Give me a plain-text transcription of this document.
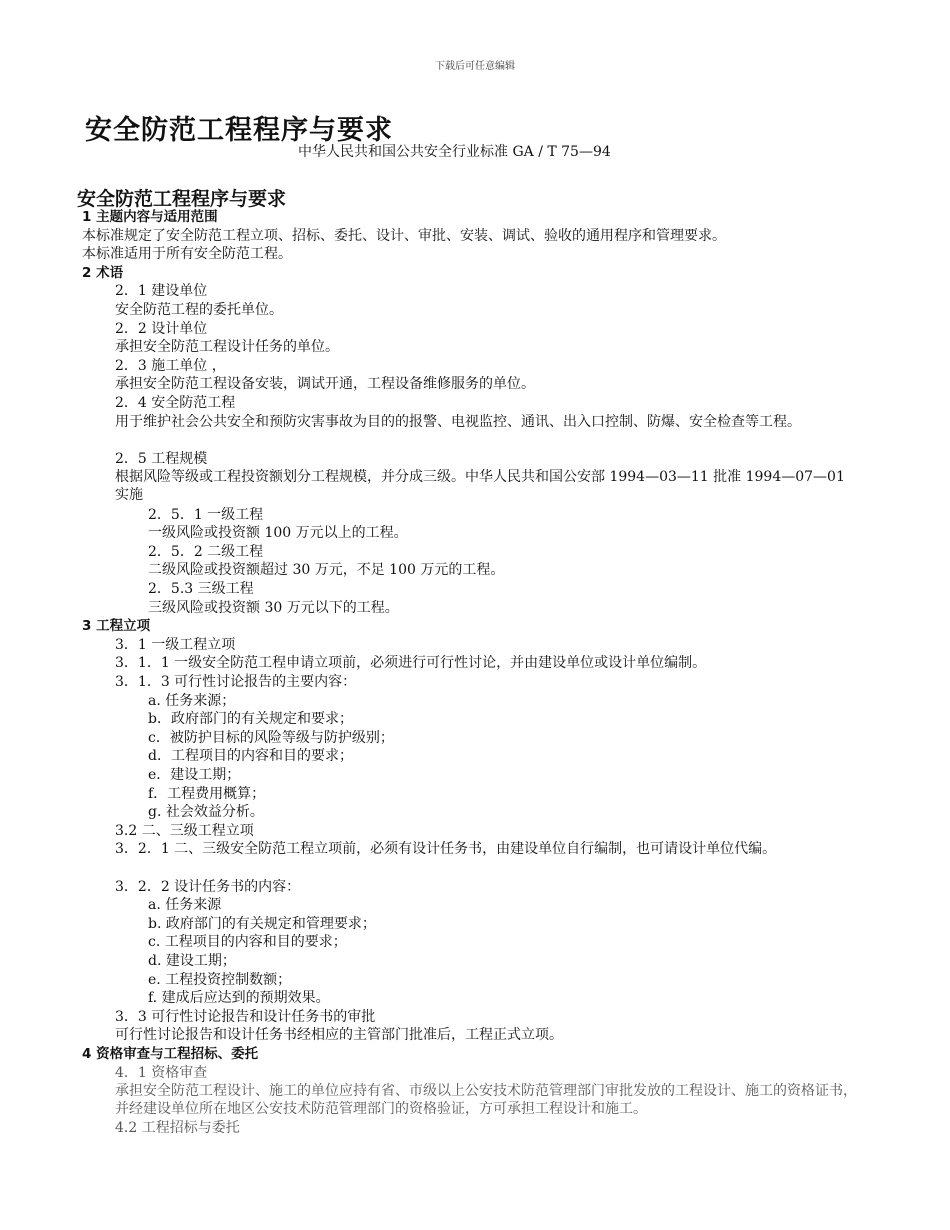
下载后可任意编辑
安全防范工程程序与要求
中华人民共和国公共安全行业标准 GA / T 75—94
安全防范工程程序与要求
1 主题内容与适用范围
本标准规定了安全防范工程立项、招标、委托、设计、审批、安装、调试、验收的通用程序和管理要求。
本标准适用于所有安全防范工程。
2 术语
2．1 建设单位
安全防范工程的委托单位。
2．2 设计单位
承担安全防范工程设计任务的单位。
2．3 施工单位 ，
承担安全防范工程设备安装，调试开通，工程设备维修服务的单位。
2．4 安全防范工程
用于维护社会公共安全和预防灾害事故为目的的报警、电视监控、通讯、出入口控制、防爆、安全检查等工程。
2．5 工程规模
根据风险等级或工程投资额划分工程规模，并分成三级。中华人民共和国公安部 1994—03—11 批准 1994—07—01 实施
2．5．1 一级工程
一级风险或投资额 100 万元以上的工程。
2．5．2 二级工程
二级风险或投资额超过 30 万元，不足 100 万元的工程。
2．5.3 三级工程
三级风险或投资额 30 万元以下的工程。
3 工程立项
3．1 一级工程立项
3．1．1 一级安全防范工程申请立项前，必须进行可行性讨论，并由建设单位或设计单位编制。
3．1．3 可行性讨论报告的主要内容：
a. 任务来源；
b．政府部门的有关规定和要求；
c．被防护目标的风险等级与防护级别；
d．工程项目的内容和目的要求；
e．建设工期；
f．工程费用概算；
g. 社会效益分析。
3.2 二、三级工程立项
3．2．1 二、三级安全防范工程立项前，必须有设计任务书，由建设单位自行编制，也可请设计单位代编。
3．2．2 设计任务书的内容：
a. 任务来源
b. 政府部门的有关规定和管理要求；
c. 工程项目的内容和目的要求；
d. 建设工期；
e. 工程投资控制数额；
f. 建成后应达到的预期效果。
3．3 可行性讨论报告和设计任务书的审批
可行性讨论报告和设计任务书经相应的主管部门批准后，工程正式立项。
4 资格审查与工程招标、委托
4．1 资格审查
承担安全防范工程设计、施工的单位应持有省、市级以上公安技术防范管理部门审批发放的工程设计、施工的资格证书，并经建设单位所在地区公安技术防范管理部门的资格验证，方可承担工程设计和施工。
4.2 工程招标与委托
